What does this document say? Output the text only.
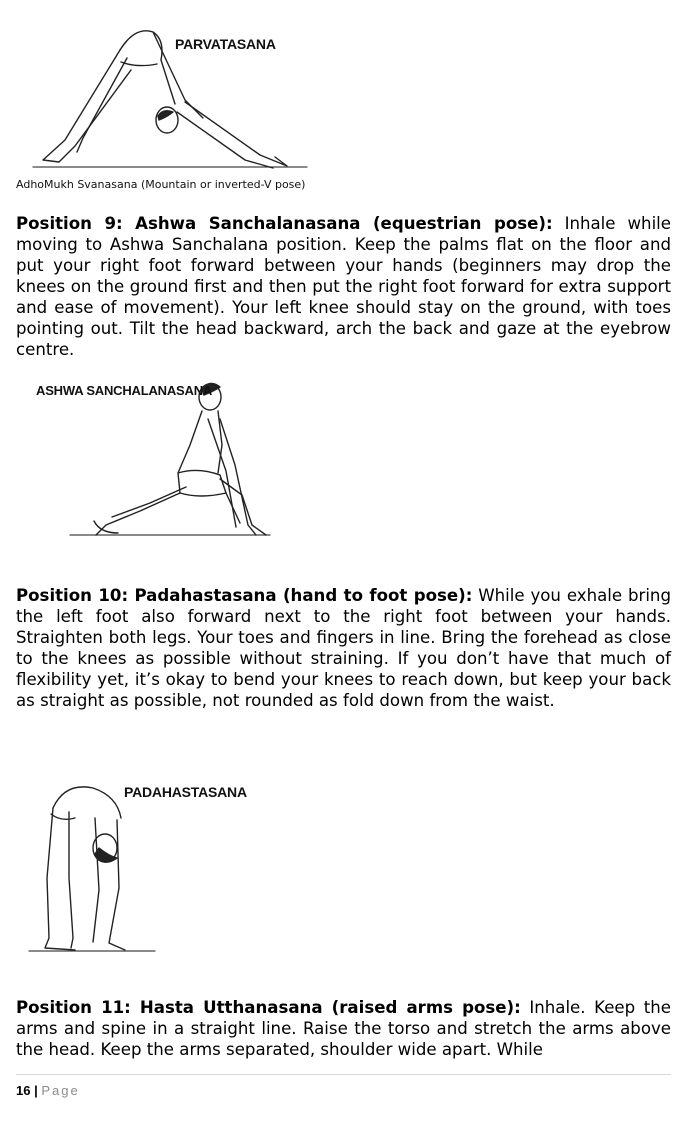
PARVATASANA
AdhoMukh Svanasana (Mountain or inverted-V pose)

Position 9: Ashwa Sanchalanasana (equestrian pose): Inhale while moving to Ashwa Sanchalana position. Keep the palms flat on the floor and put your right foot forward between your hands (beginners may drop the knees on the ground first and then put the right foot forward for extra support and ease of movement). Your left knee should stay on the ground, with toes pointing out. Tilt the head backward, arch the back and gaze at the eyebrow centre.

ASHWA SANCHALANASANA

Position 10: Padahastasana (hand to foot pose): While you exhale bring the left foot also forward next to the right foot between your hands. Straighten both legs. Your toes and fingers in line. Bring the forehead as close to the knees as possible without straining. If you don’t have that much of flexibility yet, it’s okay to bend your knees to reach down, but keep your back as straight as possible, not rounded as fold down from the waist.

PADAHASTASANA

Position 11: Hasta Utthanasana (raised arms pose): Inhale. Keep the arms and spine in a straight line. Raise the torso and stretch the arms above the head. Keep the arms separated, shoulder wide apart. While

16 | Page
